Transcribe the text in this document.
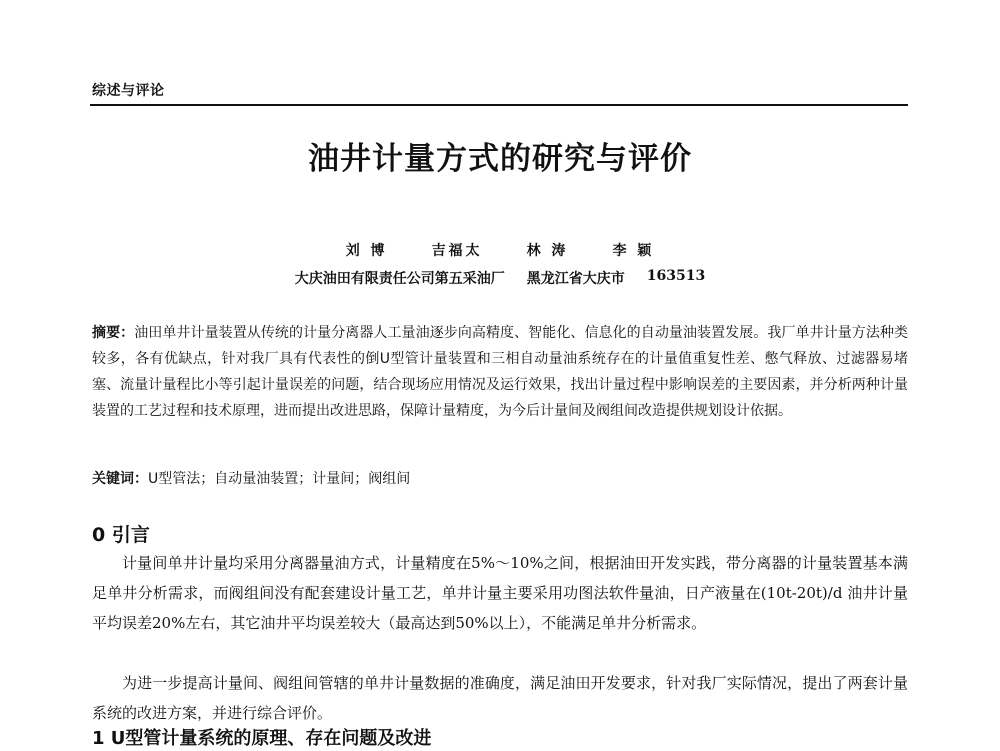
综述与评论
油井计量方式的研究与评价
刘 博	吉福太	林 涛	李 颖
大庆油田有限责任公司第五采油厂 黑龙江省大庆市 163513

摘要：油田单井计量装置从传统的计量分离器人工量油逐步向高精度、智能化、信息化的自动量油装置发展。我厂单井计量方法种类较多，各有优缺点，针对我厂具有代表性的倒U型管计量装置和三相自动量油系统存在的计量值重复性差、憋气释放、过滤器易堵塞、流量计量程比小等引起计量误差的问题，结合现场应用情况及运行效果，找出计量过程中影响误差的主要因素，并分析两种计量装置的工艺过程和技术原理，进而提出改进思路，保障计量精度，为今后计量间及阀组间改造提供规划设计依据。

关键词：U型管法；自动量油装置；计量间；阀组间
0 引言

计量间单井计量均采用分离器量油方式，计量精度在5%～10%之间，根据油田开发实践，带分离器的计量装置基本满足单井分析需求，而阀组间没有配套建设计量工艺，单井计量主要采用功图法软件量油，日产液量在(10t-20t)/d 油井计量平均误差20%左右，其它油井平均误差较大（最高达到50%以上），不能满足单井分析需求。

为进一步提高计量间、阀组间管辖的单井计量数据的准确度，满足油田开发要求，针对我厂实际情况，提出了两套计量系统的改进方案，并进行综合评价。

1 U型管计量系统的原理、存在问题及改进
